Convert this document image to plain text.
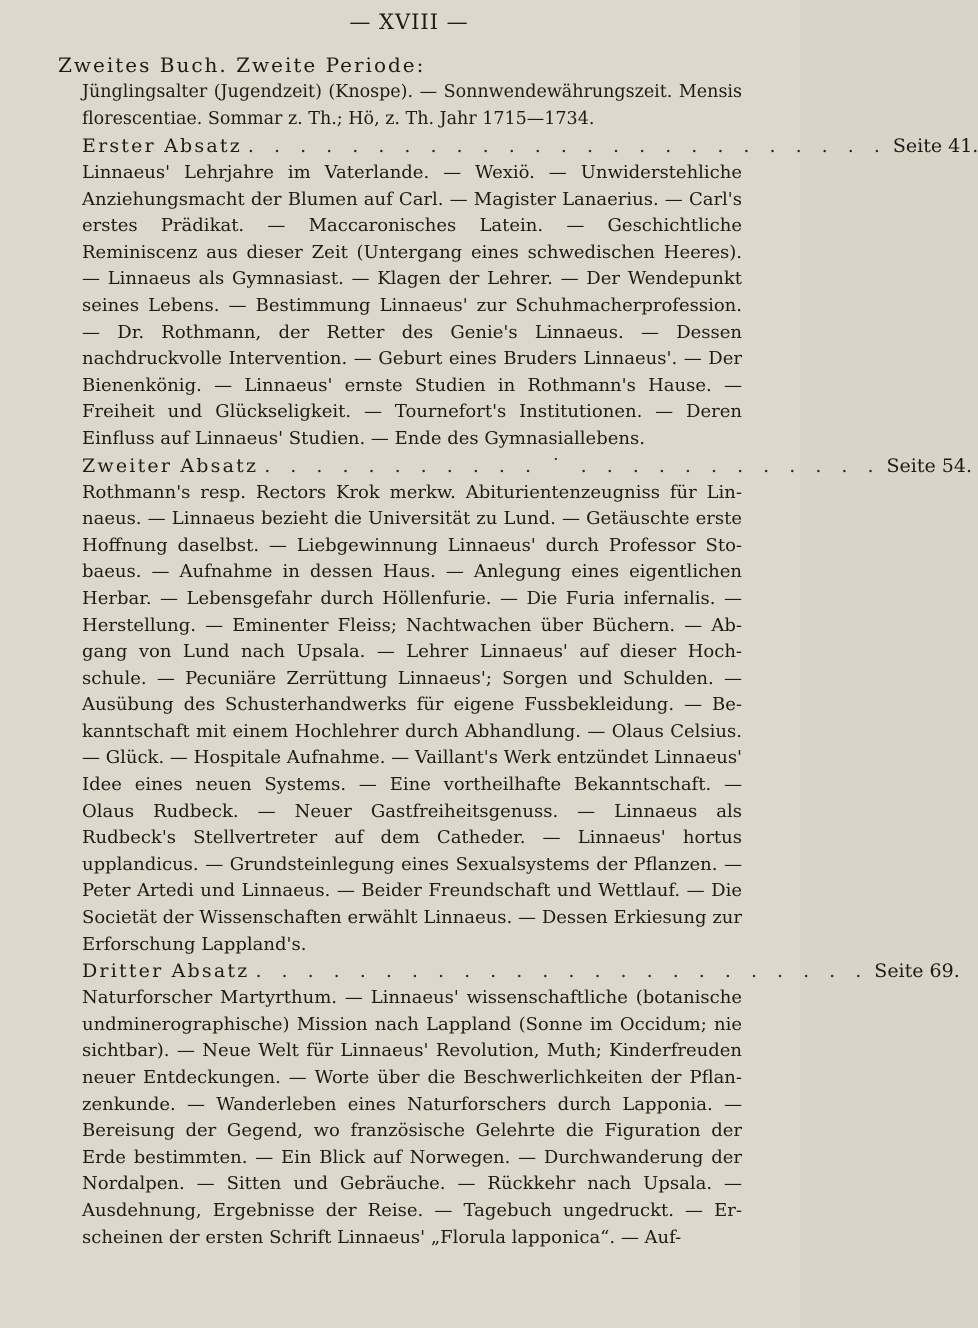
— XVIII —

Zweites Buch. Zweite Periode:

Jünglingsalter (Jugendzeit) (Knospe). — Sonnwendewährungszeit. Mensis florescentiae. Sommar z. Th.; Hö, z. Th. Jahr 1715—1734.

Erster Absatz . . . . . . . . . . . . . . . . . . . . . . . . . Seite 41.

Linnaeus' Lehrjahre im Vaterlande. — Wexiö. — Unwiderstehliche Anziehungsmacht der Blumen auf Carl. — Magister Lanaerius. — Carl's erstes Prädikat. — Maccaronisches Latein. — Geschichtliche Reminiscenz aus dieser Zeit (Untergang eines schwedischen Heeres). — Linnaeus als Gymnasiast. — Klagen der Lehrer. — Der Wendepunkt seines Lebens. — Bestimmung Linnaeus' zur Schuhmacherprofession. — Dr. Rothmann, der Retter des Genie's Linnaeus. — Dessen nachdruckvolle Intervention. — Geburt eines Bruders Linnaeus'. — Der Bienenkönig. — Linnaeus' ernste Studien in Rothmann's Hause. — Freiheit und Glückseligkeit. — Tournefort's Institutionen. — Deren Einfluss auf Linnaeus' Studien. — Ende des Gymnasiallebens.

Zweiter Absatz . . . . . . . . . . . ˙ . . . . . . . . . . . . Seite 54.

Rothmann's resp. Rectors Krok merkw. Abiturientenzeugniss für Linnaeus. — Linnaeus bezieht die Universität zu Lund. — Getäuschte erste Hoffnung daselbst. — Liebgewinnung Linnaeus' durch Professor Stobaeus. — Aufnahme in dessen Haus. — Anlegung eines eigentlichen Herbar. — Lebensgefahr durch Höllenfurie. — Die Furia infernalis. — Herstellung. — Eminenter Fleiss; Nachtwachen über Büchern. — Abgang von Lund nach Upsala. — Lehrer Linnaeus' auf dieser Hochschule. — Pecuniäre Zerrüttung Linnaeus'; Sorgen und Schulden. — Ausübung des Schusterhandwerks für eigene Fussbekleidung. — Bekanntschaft mit einem Hochlehrer durch Abhandlung. — Olaus Celsius. — Glück. — Hospitale Aufnahme. — Vaillant's Werk entzündet Linnaeus' Idee eines neuen Systems. — Eine vortheilhafte Bekanntschaft. — Olaus Rudbeck. — Neuer Gastfreiheitsgenuss. — Linnaeus als Rudbeck's Stellvertreter auf dem Catheder. — Linnaeus' hortus upplandicus. — Grundsteinlegung eines Sexualsystems der Pflanzen. — Peter Artedi und Linnaeus. — Beider Freundschaft und Wettlauf. — Die Societät der Wissenschaften erwählt Linnaeus. — Dessen Erkiesung zur Erforschung Lappland's.

Dritter Absatz . . . . . . . . . . . . . . . . . . . . . . . . Seite 69.

Naturforscher Martyrthum. — Linnaeus' wissenschaftliche (botanische undminerographische) Mission nach Lappland (Sonne im Occidum; nie sichtbar). — Neue Welt für Linnaeus' Revolution, Muth; Kinderfreuden neuer Entdeckungen. — Worte über die Beschwerlichkeiten der Pflanzenkunde. — Wanderleben eines Naturforschers durch Lapponia. — Bereisung der Gegend, wo französische Gelehrte die Figuration der Erde bestimmten. — Ein Blick auf Norwegen. — Durchwanderung der Nordalpen. — Sitten und Gebräuche. — Rückkehr nach Upsala. — Ausdehnung, Ergebnisse der Reise. — Tagebuch ungedruckt. — Erscheinen der ersten Schrift Linnaeus' „Florula lapponica“. — Auf-
